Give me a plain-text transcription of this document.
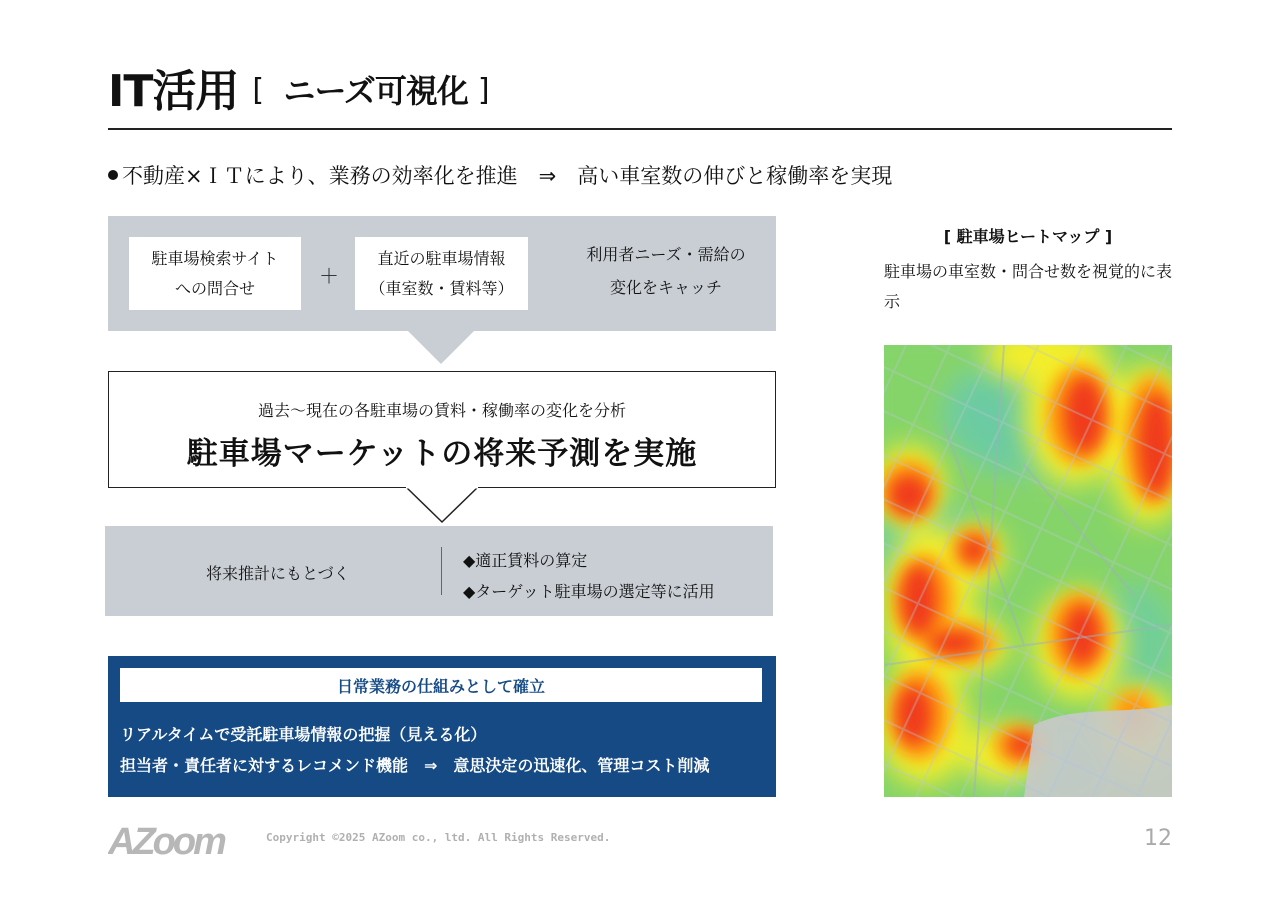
IT活用 [ ニーズ可視化 ]
不動産×ＩＴにより、業務の効率化を推進　⇒　高い車室数の伸びと稼働率を実現
駐車場検索サイト
への問合せ	＋
直近の駐車場情報
（車室数・賃料等）
利用者ニーズ・需給の
変化をキャッチ
過去～現在の各駐車場の賃料・稼働率の変化を分析
駐車場マーケットの将来予測を実施
将来推計にもとづく
◆適正賃料の算定
◆ターゲット駐車場の選定等に活用
日常業務の仕組みとして確立
リアルタイムで受託駐車場情報の把握（見える化）
担当者・責任者に対するレコメンド機能　⇒　意思決定の迅速化、管理コスト削減
[ 駐車場ヒートマップ ]
駐車場の車室数・問合せ数を視覚的に表示
AZoom	Copyright ©2025 AZoom co., ltd. All Rights Reserved.	12
